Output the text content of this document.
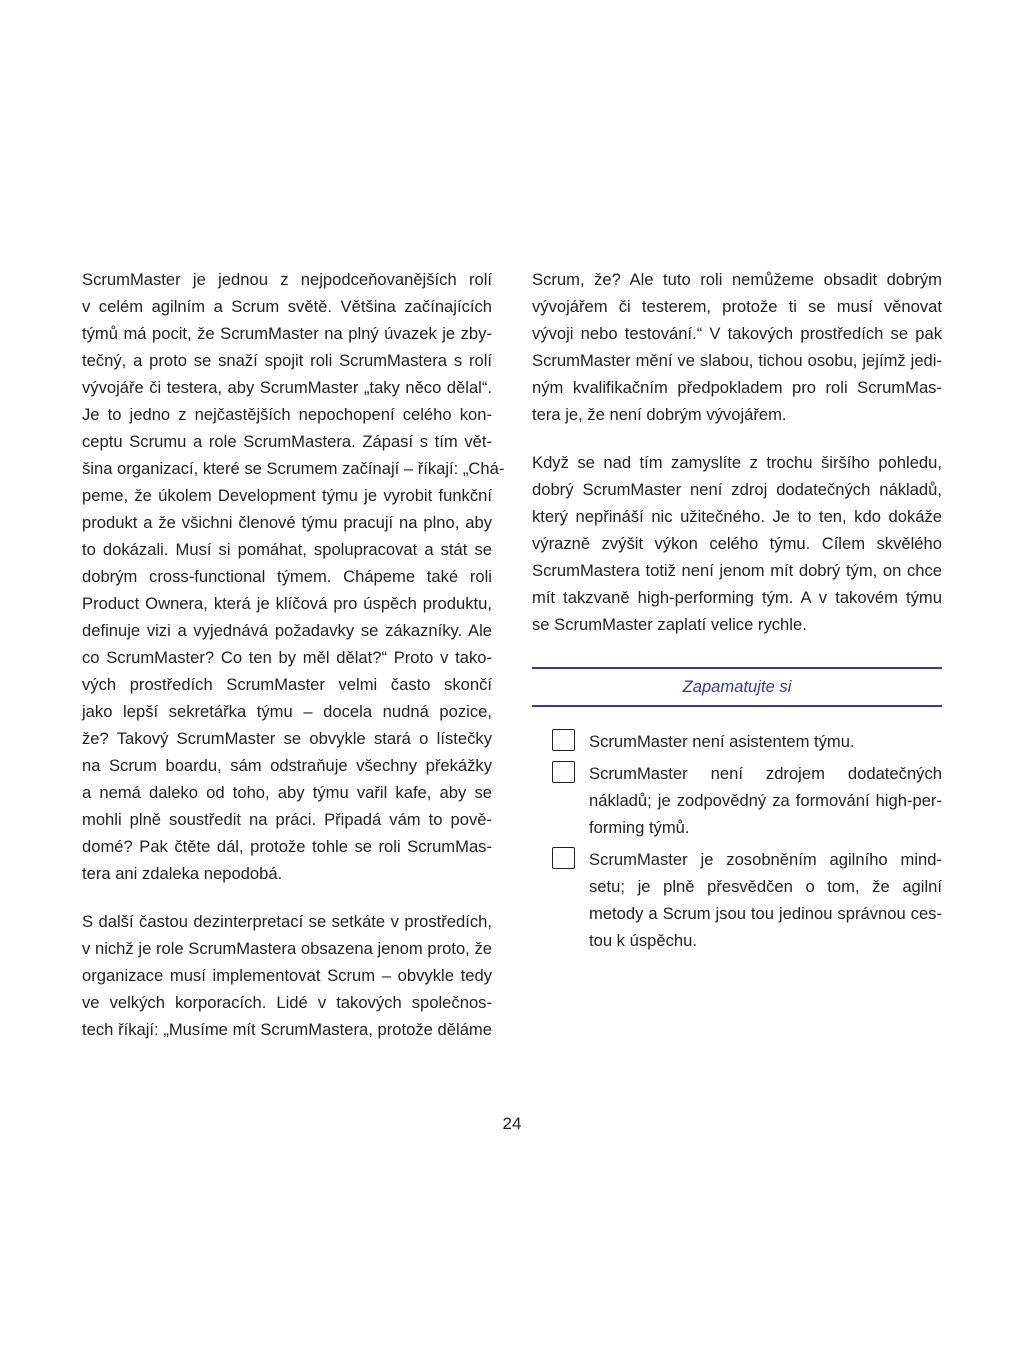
ScrumMaster je jednou z nejpodceňovanějších rolí
v celém agilním a Scrum světě. Většina začínajících
týmů má pocit, že ScrumMaster na plný úvazek je zby-
tečný, a proto se snaží spojit roli ScrumMastera s rolí
vývojáře či testera, aby ScrumMaster „taky něco dělal“.
Je to jedno z nejčastějších nepochopení celého kon-
ceptu Scrumu a role ScrumMastera. Zápasí s tím vět-
šina organizací, které se Scrumem začínají – říkají: „Chá-
peme, že úkolem Development týmu je vyrobit funkční
produkt a že všichni členové týmu pracují na plno, aby
to dokázali. Musí si pomáhat, spolupracovat a stát se
dobrým cross-functional týmem. Chápeme také roli
Product Ownera, která je klíčová pro úspěch produktu,
definuje vizi a vyjednává požadavky se zákazníky. Ale
co ScrumMaster? Co ten by měl dělat?“ Proto v tako-
vých prostředích ScrumMaster velmi často skončí
jako lepší sekretářka týmu – docela nudná pozice,
že? Takový ScrumMaster se obvykle stará o lístečky
na Scrum boardu, sám odstraňuje všechny překážky
a nemá daleko od toho, aby týmu vařil kafe, aby se
mohli plně soustředit na práci. Připadá vám to pově-
domé? Pak čtěte dál, protože tohle se roli ScrumMas-
tera ani zdaleka nepodobá.
S další častou dezinterpretací se setkáte v prostředích,
v nichž je role ScrumMastera obsazena jenom proto, že
organizace musí implementovat Scrum – obvykle tedy
ve velkých korporacích. Lidé v takových společnos-
tech říkají: „Musíme mít ScrumMastera, protože děláme
Scrum, že? Ale tuto roli nemůžeme obsadit dobrým
vývojářem či testerem, protože ti se musí věnovat
vývoji nebo testování.“ V takových prostředích se pak
ScrumMaster mění ve slabou, tichou osobu, jejímž jedi-
ným kvalifikačním předpokladem pro roli ScrumMas-
tera je, že není dobrým vývojářem.
Když se nad tím zamyslíte z trochu širšího pohledu,
dobrý ScrumMaster není zdroj dodatečných nákladů,
který nepřináší nic užitečného. Je to ten, kdo dokáže
výrazně zvýšit výkon celého týmu. Cílem skvělého
ScrumMastera totiž není jenom mít dobrý tým, on chce
mít takzvaně high-performing tým. A v takovém týmu
se ScrumMaster zaplatí velice rychle.
Zapamatujte si
ScrumMaster není asistentem týmu.
ScrumMaster není zdrojem dodatečných
nákladů; je zodpovědný za formování high-per-
forming týmů.
ScrumMaster je zosobněním agilního mind-
setu; je plně přesvědčen o tom, že agilní
metody a Scrum jsou tou jedinou správnou ces-
tou k úspěchu.
24
